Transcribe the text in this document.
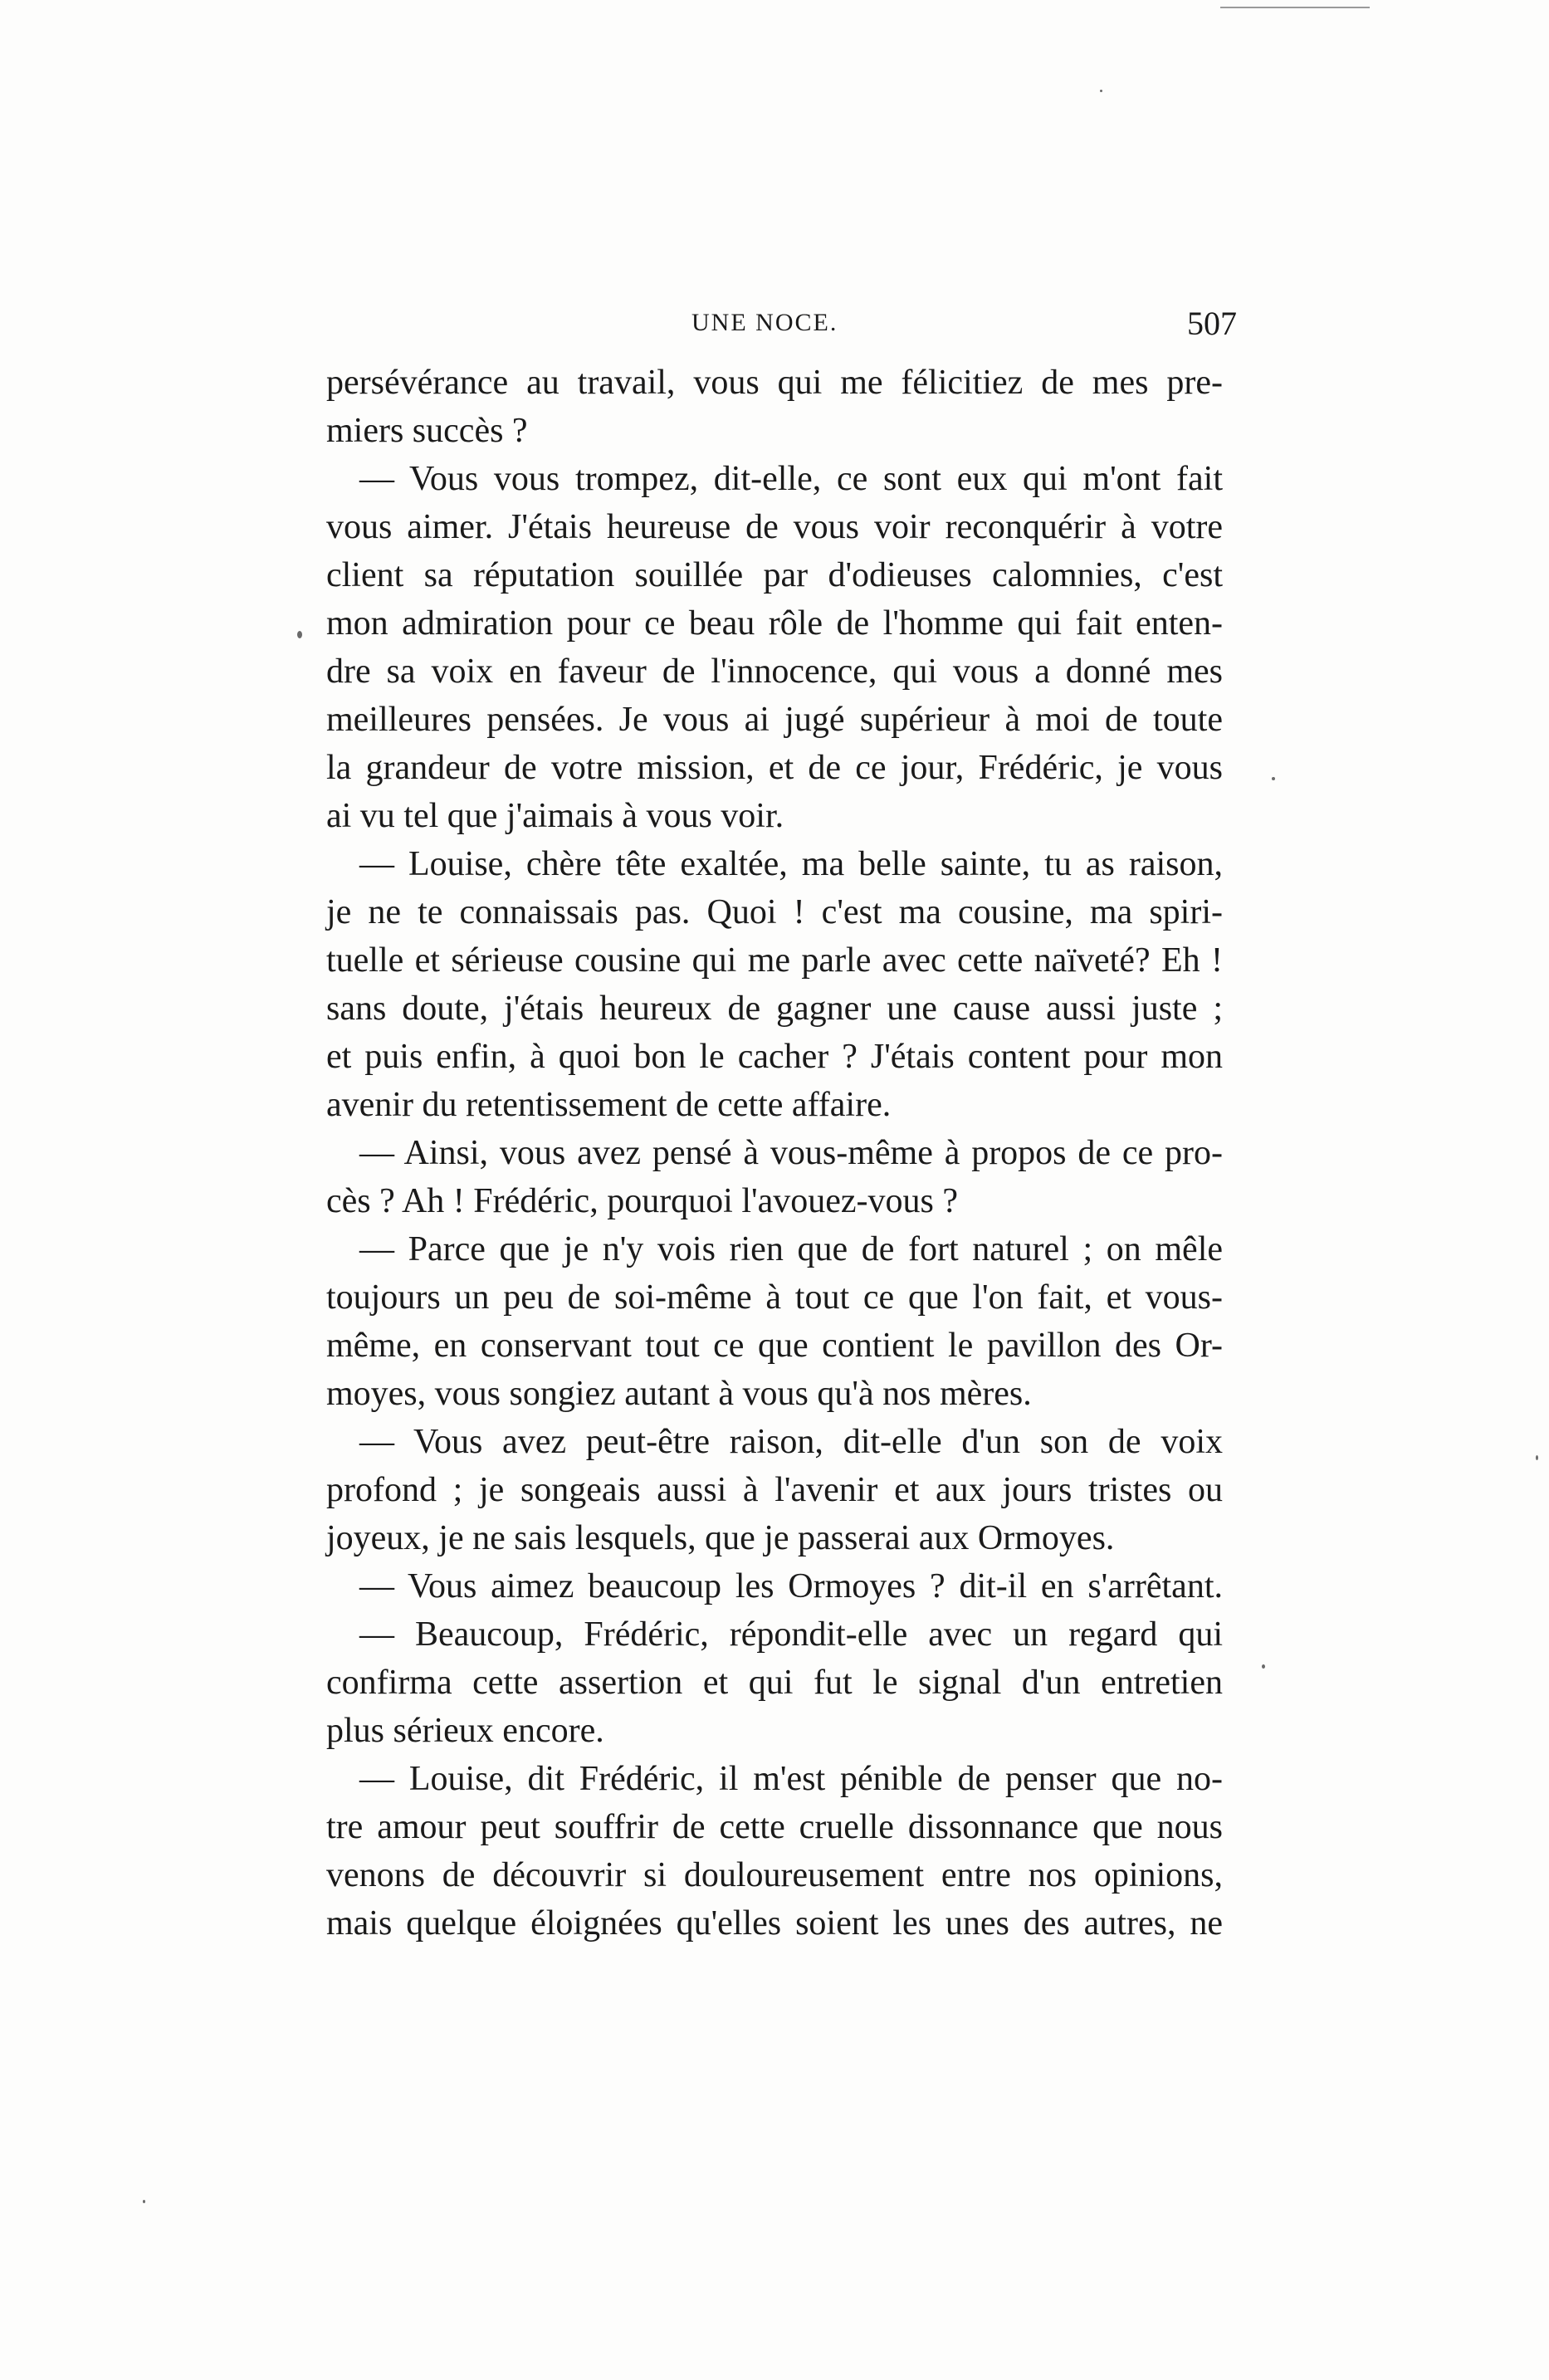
UNE NOCE.	507
persévérance au travail, vous qui me félicitiez de mes pre-
miers succès ?
— Vous vous trompez, dit-elle, ce sont eux qui m'ont fait
vous aimer. J'étais heureuse de vous voir reconquérir à votre
client sa réputation souillée par d'odieuses calomnies, c'est
mon admiration pour ce beau rôle de l'homme qui fait enten-
dre sa voix en faveur de l'innocence, qui vous a donné mes
meilleures pensées. Je vous ai jugé supérieur à moi de toute
la grandeur de votre mission, et de ce jour, Frédéric, je vous
ai vu tel que j'aimais à vous voir.
— Louise, chère tête exaltée, ma belle sainte, tu as raison,
je ne te connaissais pas. Quoi ! c'est ma cousine, ma spiri-
tuelle et sérieuse cousine qui me parle avec cette naïveté? Eh !
sans doute, j'étais heureux de gagner une cause aussi juste ;
et puis enfin, à quoi bon le cacher ? J'étais content pour mon
avenir du retentissement de cette affaire.
— Ainsi, vous avez pensé à vous-même à propos de ce pro-
cès ? Ah ! Frédéric, pourquoi l'avouez-vous ?
— Parce que je n'y vois rien que de fort naturel ; on mêle
toujours un peu de soi-même à tout ce que l'on fait, et vous-
même, en conservant tout ce que contient le pavillon des Or-
moyes, vous songiez autant à vous qu'à nos mères.
— Vous avez peut-être raison, dit-elle d'un son de voix
profond ; je songeais aussi à l'avenir et aux jours tristes ou
joyeux, je ne sais lesquels, que je passerai aux Ormoyes.
— Vous aimez beaucoup les Ormoyes ? dit-il en s'arrêtant.
— Beaucoup, Frédéric, répondit-elle avec un regard qui
confirma cette assertion et qui fut le signal d'un entretien
plus sérieux encore.
— Louise, dit Frédéric, il m'est pénible de penser que no-
tre amour peut souffrir de cette cruelle dissonnance que nous
venons de découvrir si douloureusement entre nos opinions,
mais quelque éloignées qu'elles soient les unes des autres, ne
